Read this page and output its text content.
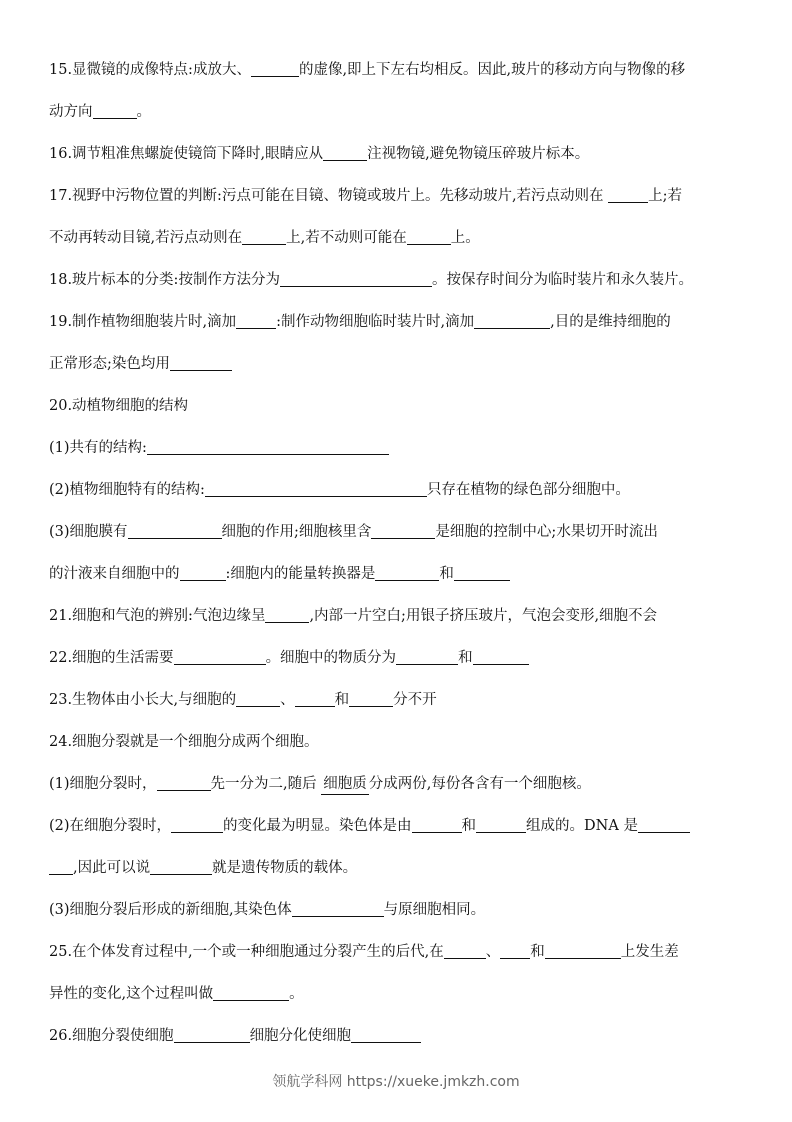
15.显微镜的成像特点:成放大、	的虚像,即上下左右均相反。因此,玻片的移动方向与物像的移
动方向	。
16.调节粗准焦螺旋使镜筒下降时,眼睛应从	注视物镜,避免物镜压碎玻片标本。
17.视野中污物位置的判断:污点可能在目镜、物镜或玻片上。先移动玻片,若污点动则在	上;若
不动再转动目镜,若污点动则在	上,若不动则可能在	上。
18.玻片标本的分类:按制作方法分为	。按保存时间分为临时装片和永久装片。
19.制作植物细胞装片时,滴加	:制作动物细胞临时装片时,滴加	,目的是维持细胞的
正常形态;染色均用
20.动植物细胞的结构
(1)共有的结构:
(2)植物细胞特有的结构:	只存在植物的绿色部分细胞中。
(3)细胞膜有	细胞的作用;细胞核里含	是细胞的控制中心;水果切开时流出
的汁液来自细胞中的	:细胞内的能量转换器是	和
21.细胞和气泡的辨别:气泡边缘呈	,内部一片空白;用银子挤压玻片，气泡会变形,细胞不会
22.细胞的生活需要	。细胞中的物质分为	和
23.生物体由小长大,与细胞的	、	和	分不开
24.细胞分裂就是一个细胞分成两个细胞。
(1)细胞分裂时，	先一分为二,随后 细胞质 分成两份,每份各含有一个细胞核。
(2)在细胞分裂时，	的变化最为明显。染色体是由	和	组成的。DNA 是
,因此可以说	就是遗传物质的载体。
(3)细胞分裂后形成的新细胞,其染色体	与原细胞相同。
25.在个体发育过程中,一个或一种细胞通过分裂产生的后代,在	、 和	上发生差
异性的变化,这个过程叫做	。
26.细胞分裂使细胞	细胞分化使细胞
领航学科网 https://xueke.jmkzh.com
